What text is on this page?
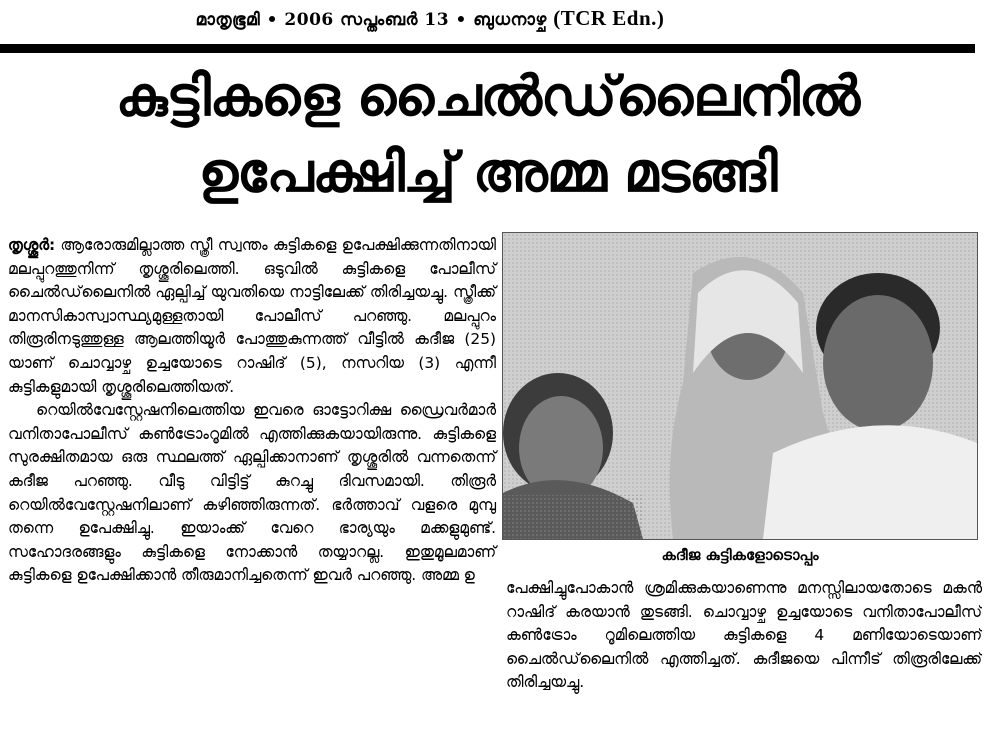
മാതൃഭൂമി • 2006 സപ്തംബർ 13 • ബുധനാഴ്ച (TCR Edn.)
കുട്ടികളെ ചൈൽഡ്‌ലൈനിൽ
ഉപേക്ഷിച്ച് അമ്മ മടങ്ങി

തൃശ്ശൂർ: ആരോരുമില്ലാത്ത സ്ത്രീ സ്വന്തം കുട്ടികളെ ഉപേക്ഷിക്കുന്നതിനായി മലപ്പുറത്തുനിന്ന് തൃശ്ശൂരിലെത്തി. ഒടുവിൽ കുട്ടികളെ പോലീസ് ചൈൽഡ്‌ലൈനിൽ ഏല്പിച്ച് യുവതിയെ നാട്ടിലേക്ക് തിരിച്ചയച്ചു. സ്ത്രീക്ക് മാനസികാസ്വാസ്ഥ്യമുള്ളതായി പോലീസ് പറഞ്ഞു. മലപ്പുറം തിരൂരിനടുത്തുള്ള ആലത്തിയൂർ പോത്തുകുന്നത്ത് വീട്ടിൽ കദീജ (25) യാണ് ചൊവ്വാഴ്ച ഉച്ചയോടെ റാഷിദ് (5), നസറിയ (3) എന്നീ കുട്ടികളുമായി തൃശ്ശൂരിലെത്തിയത്.

റെയിൽവേസ്റ്റേഷനിലെത്തിയ ഇവരെ ഓട്ടോറിക്ഷ ഡ്രൈവർമാർ വനിതാപോലീസ് കൺട്രോംറൂമിൽ എത്തിക്കുകയായിരുന്നു. കുട്ടികളെ സുരക്ഷിതമായ ഒരു സ്ഥലത്ത് ഏല്പിക്കാനാണ് തൃശ്ശൂരിൽ വന്നതെന്ന് കദീജ പറഞ്ഞു. വീടു വിട്ടിട്ട് കുറച്ചു ദിവസമായി. തിരൂർ റെയിൽവേസ്റ്റേഷനിലാണ് കഴിഞ്ഞിരുന്നത്. ഭർത്താവ് വളരെ മുമ്പു തന്നെ ഉപേക്ഷിച്ചു. ഇയാംക്ക് വേറെ ഭാര്യയും മക്കളുമുണ്ട്. സഹോദരങ്ങളും കുട്ടികളെ നോക്കാൻ തയ്യാറല്ല. ഇതുമൂലമാണ് കുട്ടികളെ ഉപേക്ഷിക്കാൻ തീരുമാനിച്ചതെന്ന് ഇവർ പറഞ്ഞു. അമ്മ ഉ

കദീജ കുട്ടികളോടൊപ്പം

പേക്ഷിച്ചുപോകാൻ ശ്രമിക്കുകയാണെന്നു മനസ്സിലായതോടെ മകൻ റാഷിദ് കരയാൻ തുടങ്ങി. ചൊവ്വാഴ്ച ഉച്ചയോടെ വനിതാപോലീസ് കൺട്രോം റൂമിലെത്തിയ കുട്ടികളെ 4 മണിയോടെയാണ് ചൈൽഡ്‌ലൈനിൽ എത്തിച്ചത്. കദീജയെ പിന്നീട് തിരൂരിലേക്ക് തിരിച്ചയച്ചു.
